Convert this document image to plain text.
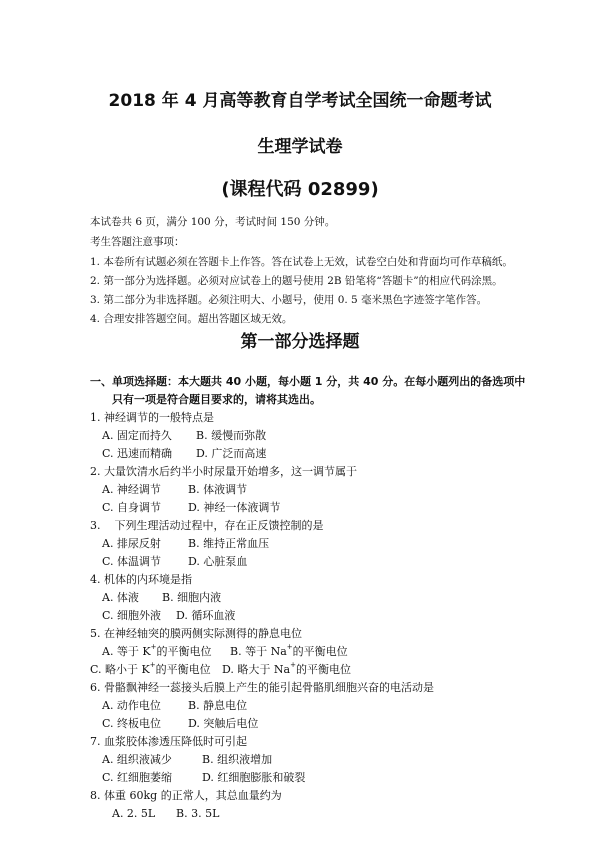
2018 年 4 月高等教育自学考试全国统一命题考试
生理学试卷
(课程代码 02899)
本试卷共 6 页，满分 100 分，考试时间 150 分钟。
考生答题注意事项：
1. 本卷所有试题必须在答题卡上作答。答在试卷上无效，试卷空白处和背面均可作草稿纸。
2. 第一部分为选择题。必须对应试卷上的题号使用 2B 铅笔将“答题卡”的相应代码涂黑。
3. 第二部分为非选择题。必须注明大、小题号，使用 0. 5 毫米黑色字迹签字笔作答。
4. 合理安排答题空间。超出答题区域无效。
第一部分选择题
一、单项选择题：本大题共 40 小题，每小题 1 分，共 40 分。在每小题列出的备选项中
只有一项是符合题目要求的，请将其选出。
1. 神经调节的一般特点是
A. 固定而持久 B. 缓慢而弥散
C. 迅速而精确 D. 广泛而高速
2. 大量饮清水后约半小时尿量开始增多，这一调节属于
A. 神经调节 B. 体液调节
C. 自身调节 D. 神经一体液调节
3.    下列生理活动过程中，存在正反馈控制的是
A. 排尿反射 B. 维持正常血压
C. 体温调节 D. 心脏泵血
4. 机体的内环境是指
A. 体液 B. 细胞内液
C. 细胞外液 D. 循环血液
5. 在神经轴突的膜两侧实际测得的静息电位
A. 等于 K+的平衡电位 B. 等于 Na+的平衡电位
C. 略小于 K+的平衡电位 D. 略大于 Na+的平衡电位
6. 骨骼飘神经一蕊接头后膜上产生的能引起骨骼肌细胞兴奋的电活动是
A. 动作电位 B. 静息电位
C. 终板电位 D. 突触后电位
7. 血浆胶体渗透压降低时可引起
A. 组织液减少	B. 组织液增加
C. 红细胞萎缩	D. 红细胞膨胀和破裂
8. 体重 60kg 的正常人，其总血量约为
A. 2. 5L B. 3. 5L
